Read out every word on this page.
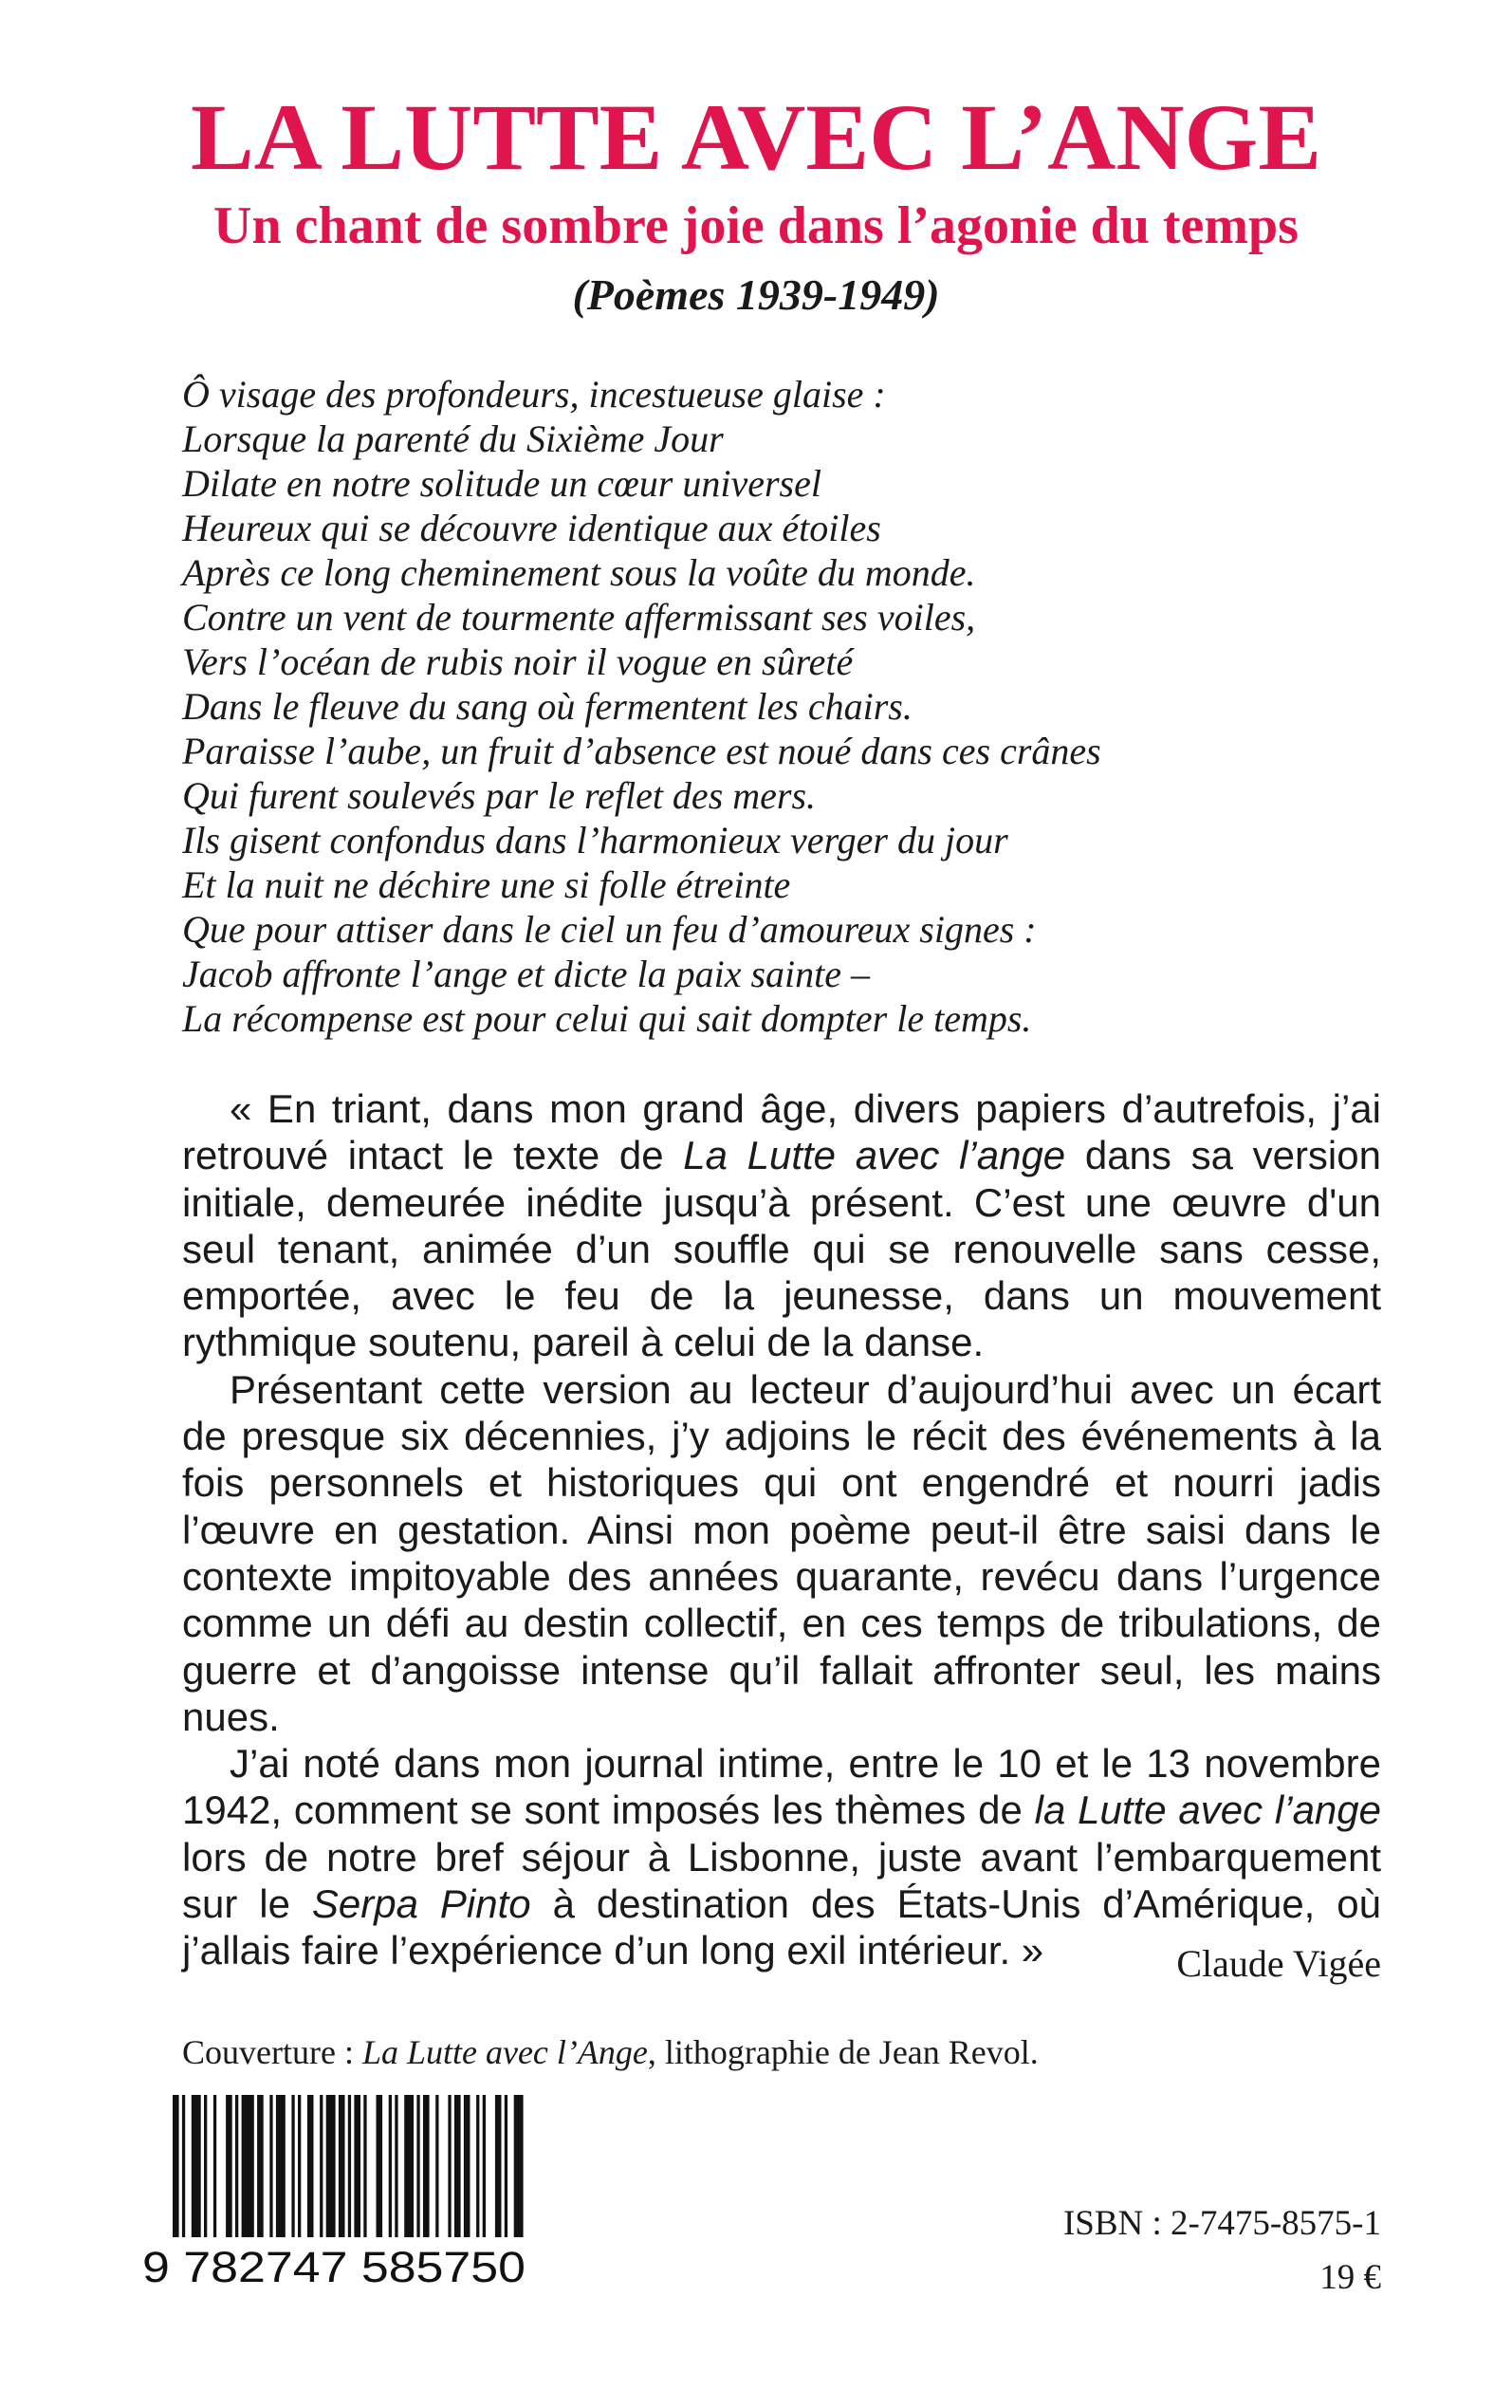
LA LUTTE AVEC L’ANGE
Un chant de sombre joie dans l’agonie du temps
(Poèmes 1939-1949)
Ô visage des profondeurs, incestueuse glaise :
Lorsque la parenté du Sixième Jour
Dilate en notre solitude un cœur universel
Heureux qui se découvre identique aux étoiles
Après ce long cheminement sous la voûte du monde.
Contre un vent de tourmente affermissant ses voiles,
Vers l’océan de rubis noir il vogue en sûreté
Dans le fleuve du sang où fermentent les chairs.
Paraisse l’aube, un fruit d’absence est noué dans ces crânes
Qui furent soulevés par le reflet des mers.
Ils gisent confondus dans l’harmonieux verger du jour
Et la nuit ne déchire une si folle étreinte
Que pour attiser dans le ciel un feu d’amoureux signes :
Jacob affronte l’ange et dicte la paix sainte –
La récompense est pour celui qui sait dompter le temps.

« En triant, dans mon grand âge, divers papiers d’autrefois, j’ai retrouvé intact le texte de La Lutte avec l’ange dans sa version initiale, demeurée inédite jusqu’à présent. C’est une œuvre d'un seul tenant, animée d’un souffle qui se renouvelle sans cesse, emportée, avec le feu de la jeunesse, dans un mouvement rythmique soutenu, pareil à celui de la danse.

Présentant cette version au lecteur d’aujourd’hui avec un écart de presque six décennies, j’y adjoins le récit des événements à la fois personnels et historiques qui ont engendré et nourri jadis l’œuvre en gestation. Ainsi mon poème peut-il être saisi dans le contexte impitoyable des années quarante, revécu dans l’urgence comme un défi au destin collectif, en ces temps de tribulations, de guerre et d’angoisse intense qu’il fallait affronter seul, les mains nues.

J’ai noté dans mon journal intime, entre le 10 et le 13 novembre 1942, comment se sont imposés les thèmes de la Lutte avec l’ange lors de notre bref séjour à Lisbonne, juste avant l’embarquement sur le Serpa Pinto à destination des États-Unis d’Amérique, où j’allais faire l’expérience d’un long exil intérieur. »	Claude Vigée
Couverture : La Lutte avec l’Ange, lithographie de Jean Revol.
9 782747 585750
ISBN : 2-7475-8575-1
19 €
